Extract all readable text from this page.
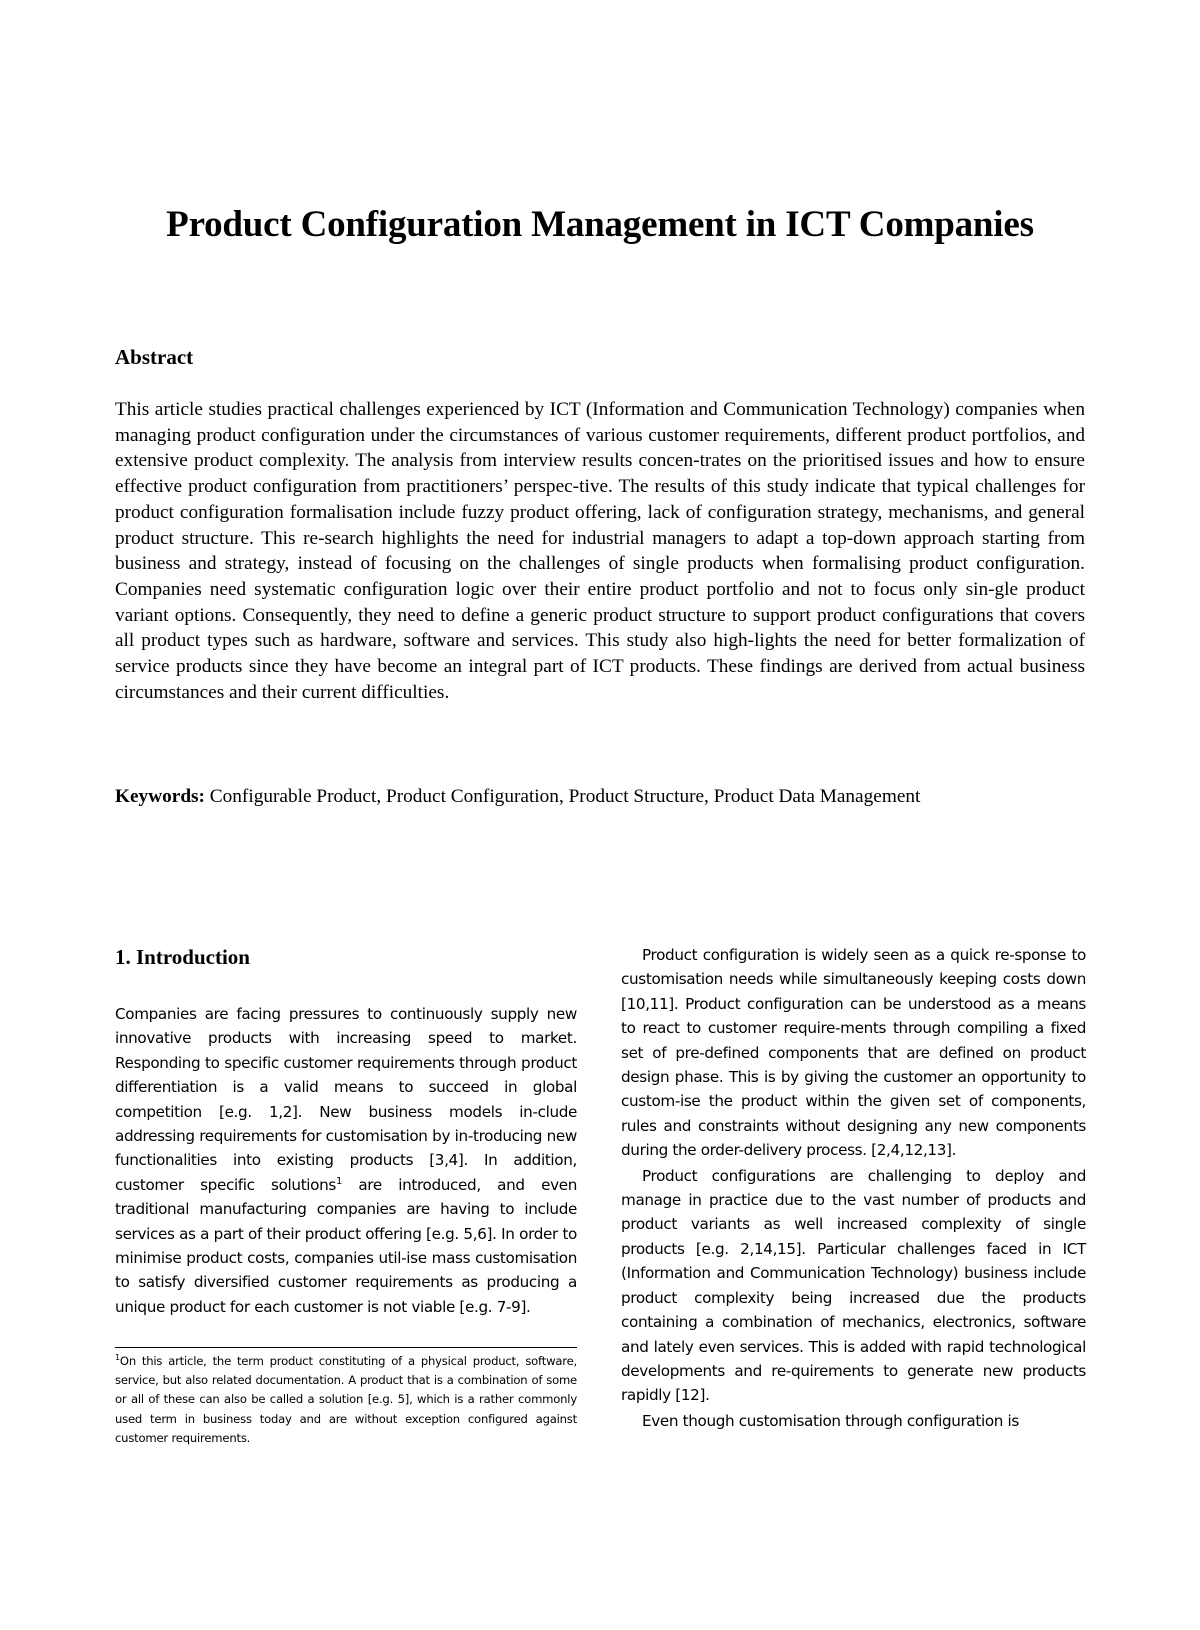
Product Configuration Management in ICT Companies
Abstract
This article studies practical challenges experienced by ICT (Information and Communication Technology) companies when managing product configuration under the circumstances of various customer requirements, different product portfolios, and extensive product complexity. The analysis from interview results concen-trates on the prioritised issues and how to ensure effective product configuration from practitioners’ perspec-tive. The results of this study indicate that typical challenges for product configuration formalisation include fuzzy product offering, lack of configuration strategy, mechanisms, and general product structure. This re-search highlights the need for industrial managers to adapt a top-down approach starting from business and strategy, instead of focusing on the challenges of single products when formalising product configuration. Companies need systematic configuration logic over their entire product portfolio and not to focus only sin-gle product variant options. Consequently, they need to define a generic product structure to support product configurations that covers all product types such as hardware, software and services. This study also high-lights the need for better formalization of service products since they have become an integral part of ICT products. These findings are derived from actual business circumstances and their current difficulties.
Keywords: Configurable Product, Product Configuration, Product Structure, Product Data Management
1. Introduction
Companies are facing pressures to continuously supply new innovative products with increasing speed to market. Responding to specific customer requirements through product differentiation is a valid means to succeed in global competition [e.g. 1,2]. New business models in-clude addressing requirements for customisation by in-troducing new functionalities into existing products [3,4]. In addition, customer specific solutions$^1$ are introduced, and even traditional manufacturing companies are having to include services as a part of their product offering [e.g. 5,6]. In order to minimise product costs, companies util-ise mass customisation to satisfy diversified customer requirements as producing a unique product for each customer is not viable [e.g. 7-9].
$^1$On this article, the term product constituting of a physical product, software, service, but also related documentation. A product that is a combination of some or all of these can also be called a solution [e.g. 5], which is a rather commonly used term in business today and are without exception configured against customer requirements.

Product configuration is widely seen as a quick re-sponse to customisation needs while simultaneously keeping costs down [10,11]. Product configuration can be understood as a means to react to customer require-ments through compiling a fixed set of pre-defined components that are defined on product design phase. This is by giving the customer an opportunity to custom-ise the product within the given set of components, rules and constraints without designing any new components during the order-delivery process. [2,4,12,13].

Product configurations are challenging to deploy and manage in practice due to the vast number of products and product variants as well increased complexity of single products [e.g. 2,14,15]. Particular challenges faced in ICT (Information and Communication Technology) business include product complexity being increased due the products containing a combination of mechanics, electronics, software and lately even services. This is added with rapid technological developments and re-quirements to generate new products rapidly [12].

Even though customisation through configuration is
